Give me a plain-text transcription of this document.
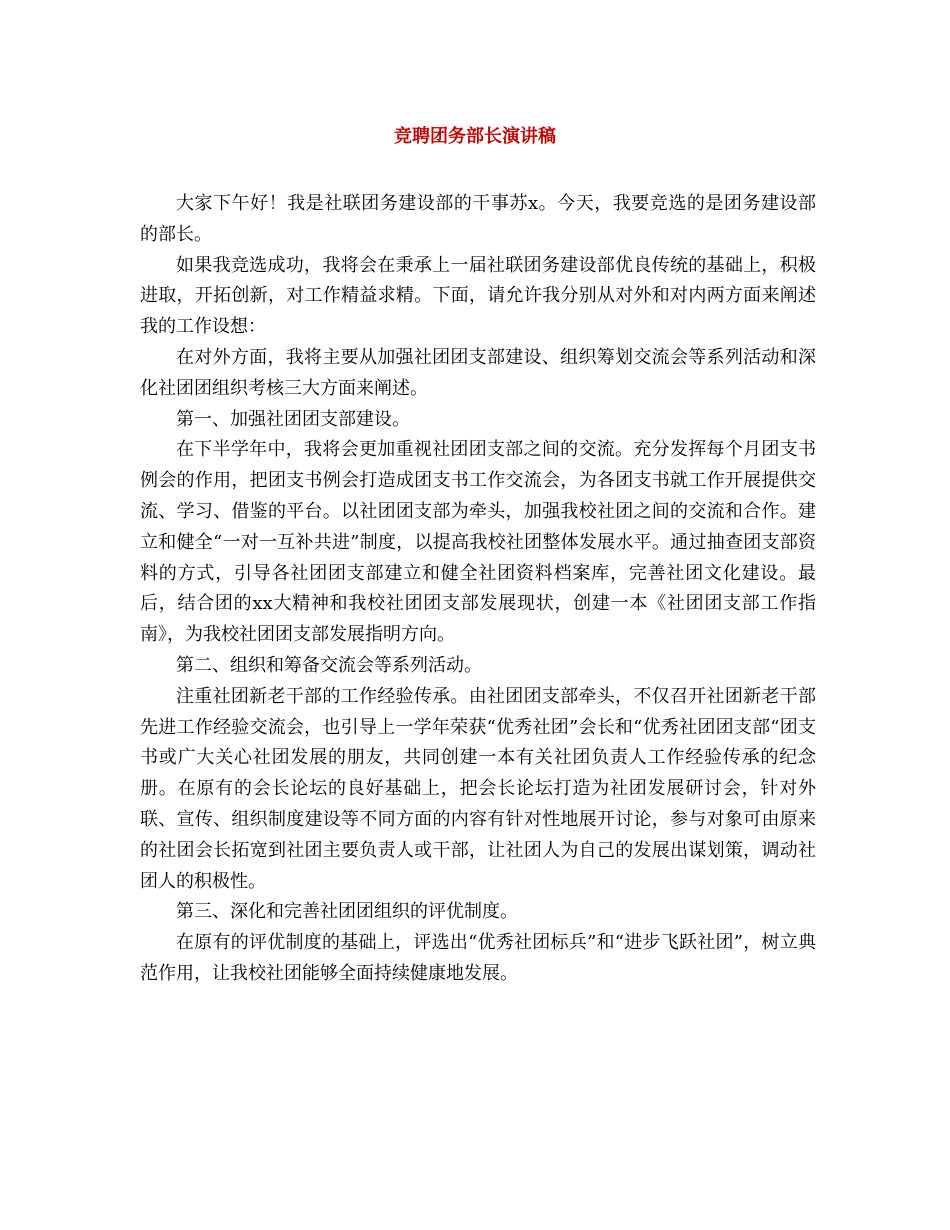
竞聘团务部长演讲稿

大家下午好！我是社联团务建设部的干事苏x。今天，我要竞选的是团务建设部的部长。

如果我竞选成功，我将会在秉承上一届社联团务建设部优良传统的基础上，积极进取，开拓创新，对工作精益求精。下面，请允许我分别从对外和对内两方面来阐述我的工作设想：

在对外方面，我将主要从加强社团团支部建设、组织筹划交流会等系列活动和深化社团团组织考核三大方面来阐述。

第一、加强社团团支部建设。

在下半学年中，我将会更加重视社团团支部之间的交流。充分发挥每个月团支书例会的作用，把团支书例会打造成团支书工作交流会，为各团支书就工作开展提供交流、学习、借鉴的平台。以社团团支部为牵头，加强我校社团之间的交流和合作。建立和健全“一对一互补共进”制度，以提高我校社团整体发展水平。通过抽查团支部资料的方式，引导各社团团支部建立和健全社团资料档案库，完善社团文化建设。最后，结合团的xx大精神和我校社团团支部发展现状，创建一本《社团团支部工作指南》，为我校社团团支部发展指明方向。

第二、组织和筹备交流会等系列活动。

注重社团新老干部的工作经验传承。由社团团支部牵头，不仅召开社团新老干部先进工作经验交流会，也引导上一学年荣获“优秀社团”会长和“优秀社团团支部“团支书或广大关心社团发展的朋友，共同创建一本有关社团负责人工作经验传承的纪念册。在原有的会长论坛的良好基础上，把会长论坛打造为社团发展研讨会，针对外联、宣传、组织制度建设等不同方面的内容有针对性地展开讨论，参与对象可由原来的社团会长拓宽到社团主要负责人或干部，让社团人为自己的发展出谋划策，调动社团人的积极性。

第三、深化和完善社团团组织的评优制度。

在原有的评优制度的基础上，评选出“优秀社团标兵”和“进步飞跃社团”，树立典范作用，让我校社团能够全面持续健康地发展。
